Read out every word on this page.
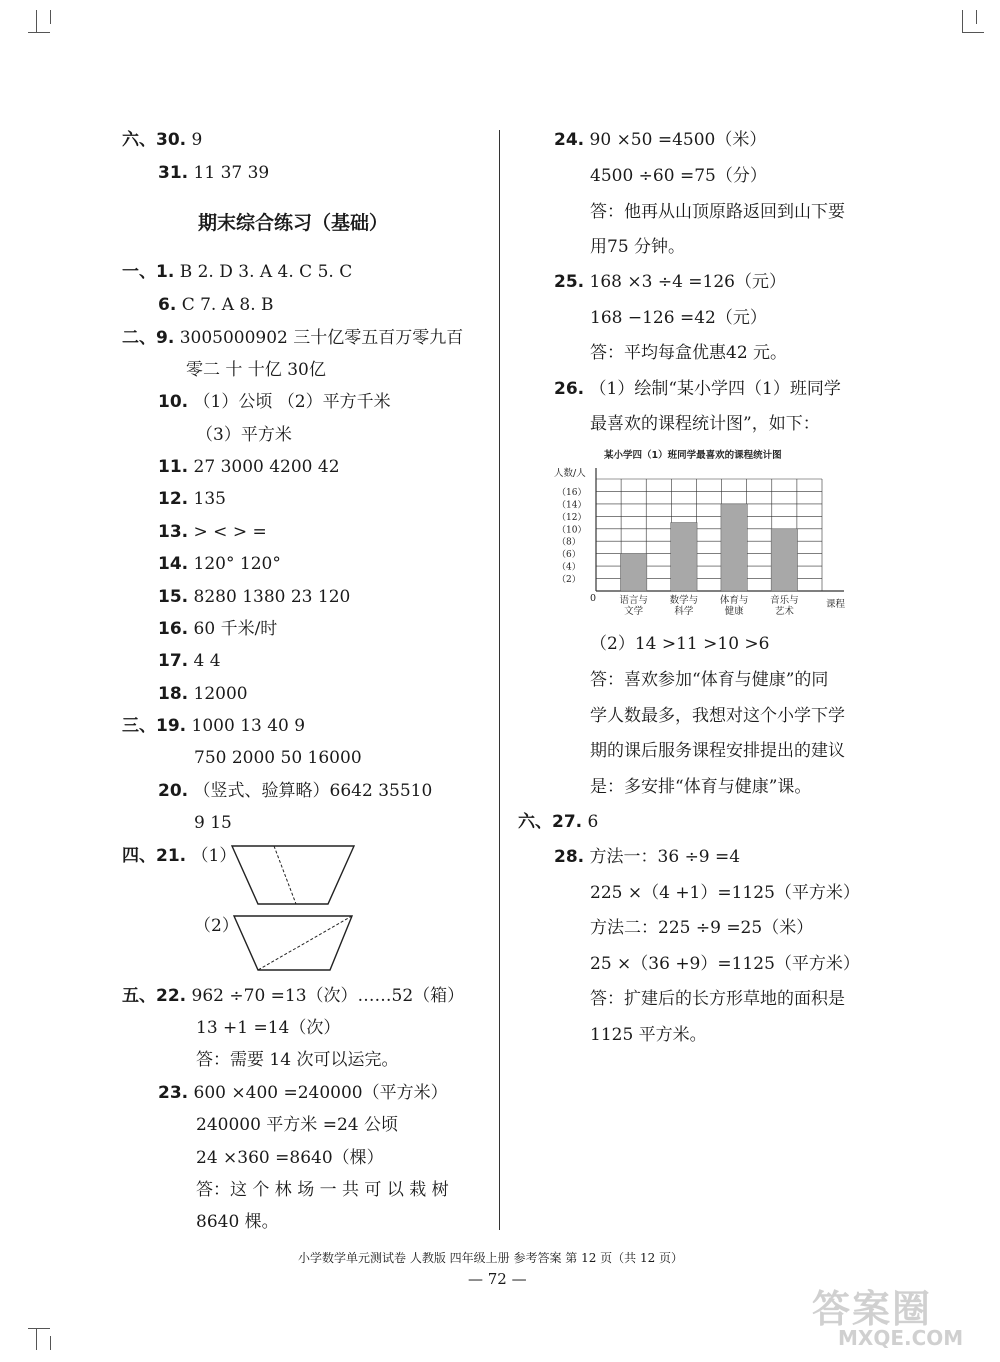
六、30. 9
31. 11 37 39
期末综合练习（基础）
一、1. B 2. D 3. A 4. C 5. C
6. C 7. A 8. B
二、9. 3005000902 三十亿零五百万零九百
零二 十 十亿 30亿
10. （1）公顷 （2）平方千米
（3）平方米
11. 27 3000 4200 42
12. 135
13. > < > =
14. 120° 120°
15. 8280 1380 23 120
16. 60 千米/时
17. 4 4
18. 12000
三、19. 1000 13 40 9
750 2000 50 16000
20. （竖式、验算略）6642 35510
9 15
四、21. （1）
（2）
五、22. 962 ÷70 =13（次）……52（箱）
13 +1 =14（次）
答：需要 14 次可以运完。
23. 600 ×400 =240000（平方米）
240000 平方米 =24 公顷
24 ×360 =8640（棵）
答：这 个 林 场 一 共 可 以 栽 树
8640 棵。
24. 90 ×50 =4500（米）
4500 ÷60 =75（分）
答：他再从山顶原路返回到山下要
用75 分钟。
25. 168 ×3 ÷4 =126（元）
168 −126 =42（元）
答：平均每盒优惠42 元。
26. （1）绘制“某小学四（1）班同学
最喜欢的课程统计图”，如下：
某小学四（1）班同学最喜欢的课程统计图
人数/人
课程
0
（16）
（14）
（12）
（10）
（8）
（6）
（4）
（2）
语言与
文学
数学与
科学
体育与
健康
音乐与
艺术
（2）14 >11 >10 >6
答：喜欢参加“体育与健康”的同
学人数最多，我想对这个小学下学
期的课后服务课程安排提出的建议
是：多安排“体育与健康”课。
六、27. 6
28. 方法一：36 ÷9 =4
225 ×（4 +1）=1125（平方米）
方法二：225 ÷9 =25（米）
25 ×（36 +9）=1125（平方米）
答：扩建后的长方形草地的面积是
1125 平方米。
小学数学单元测试卷 人教版 四年级上册 参考答案 第 12 页（共 12 页）
— 72 —
答案圈
MXQE.COM
